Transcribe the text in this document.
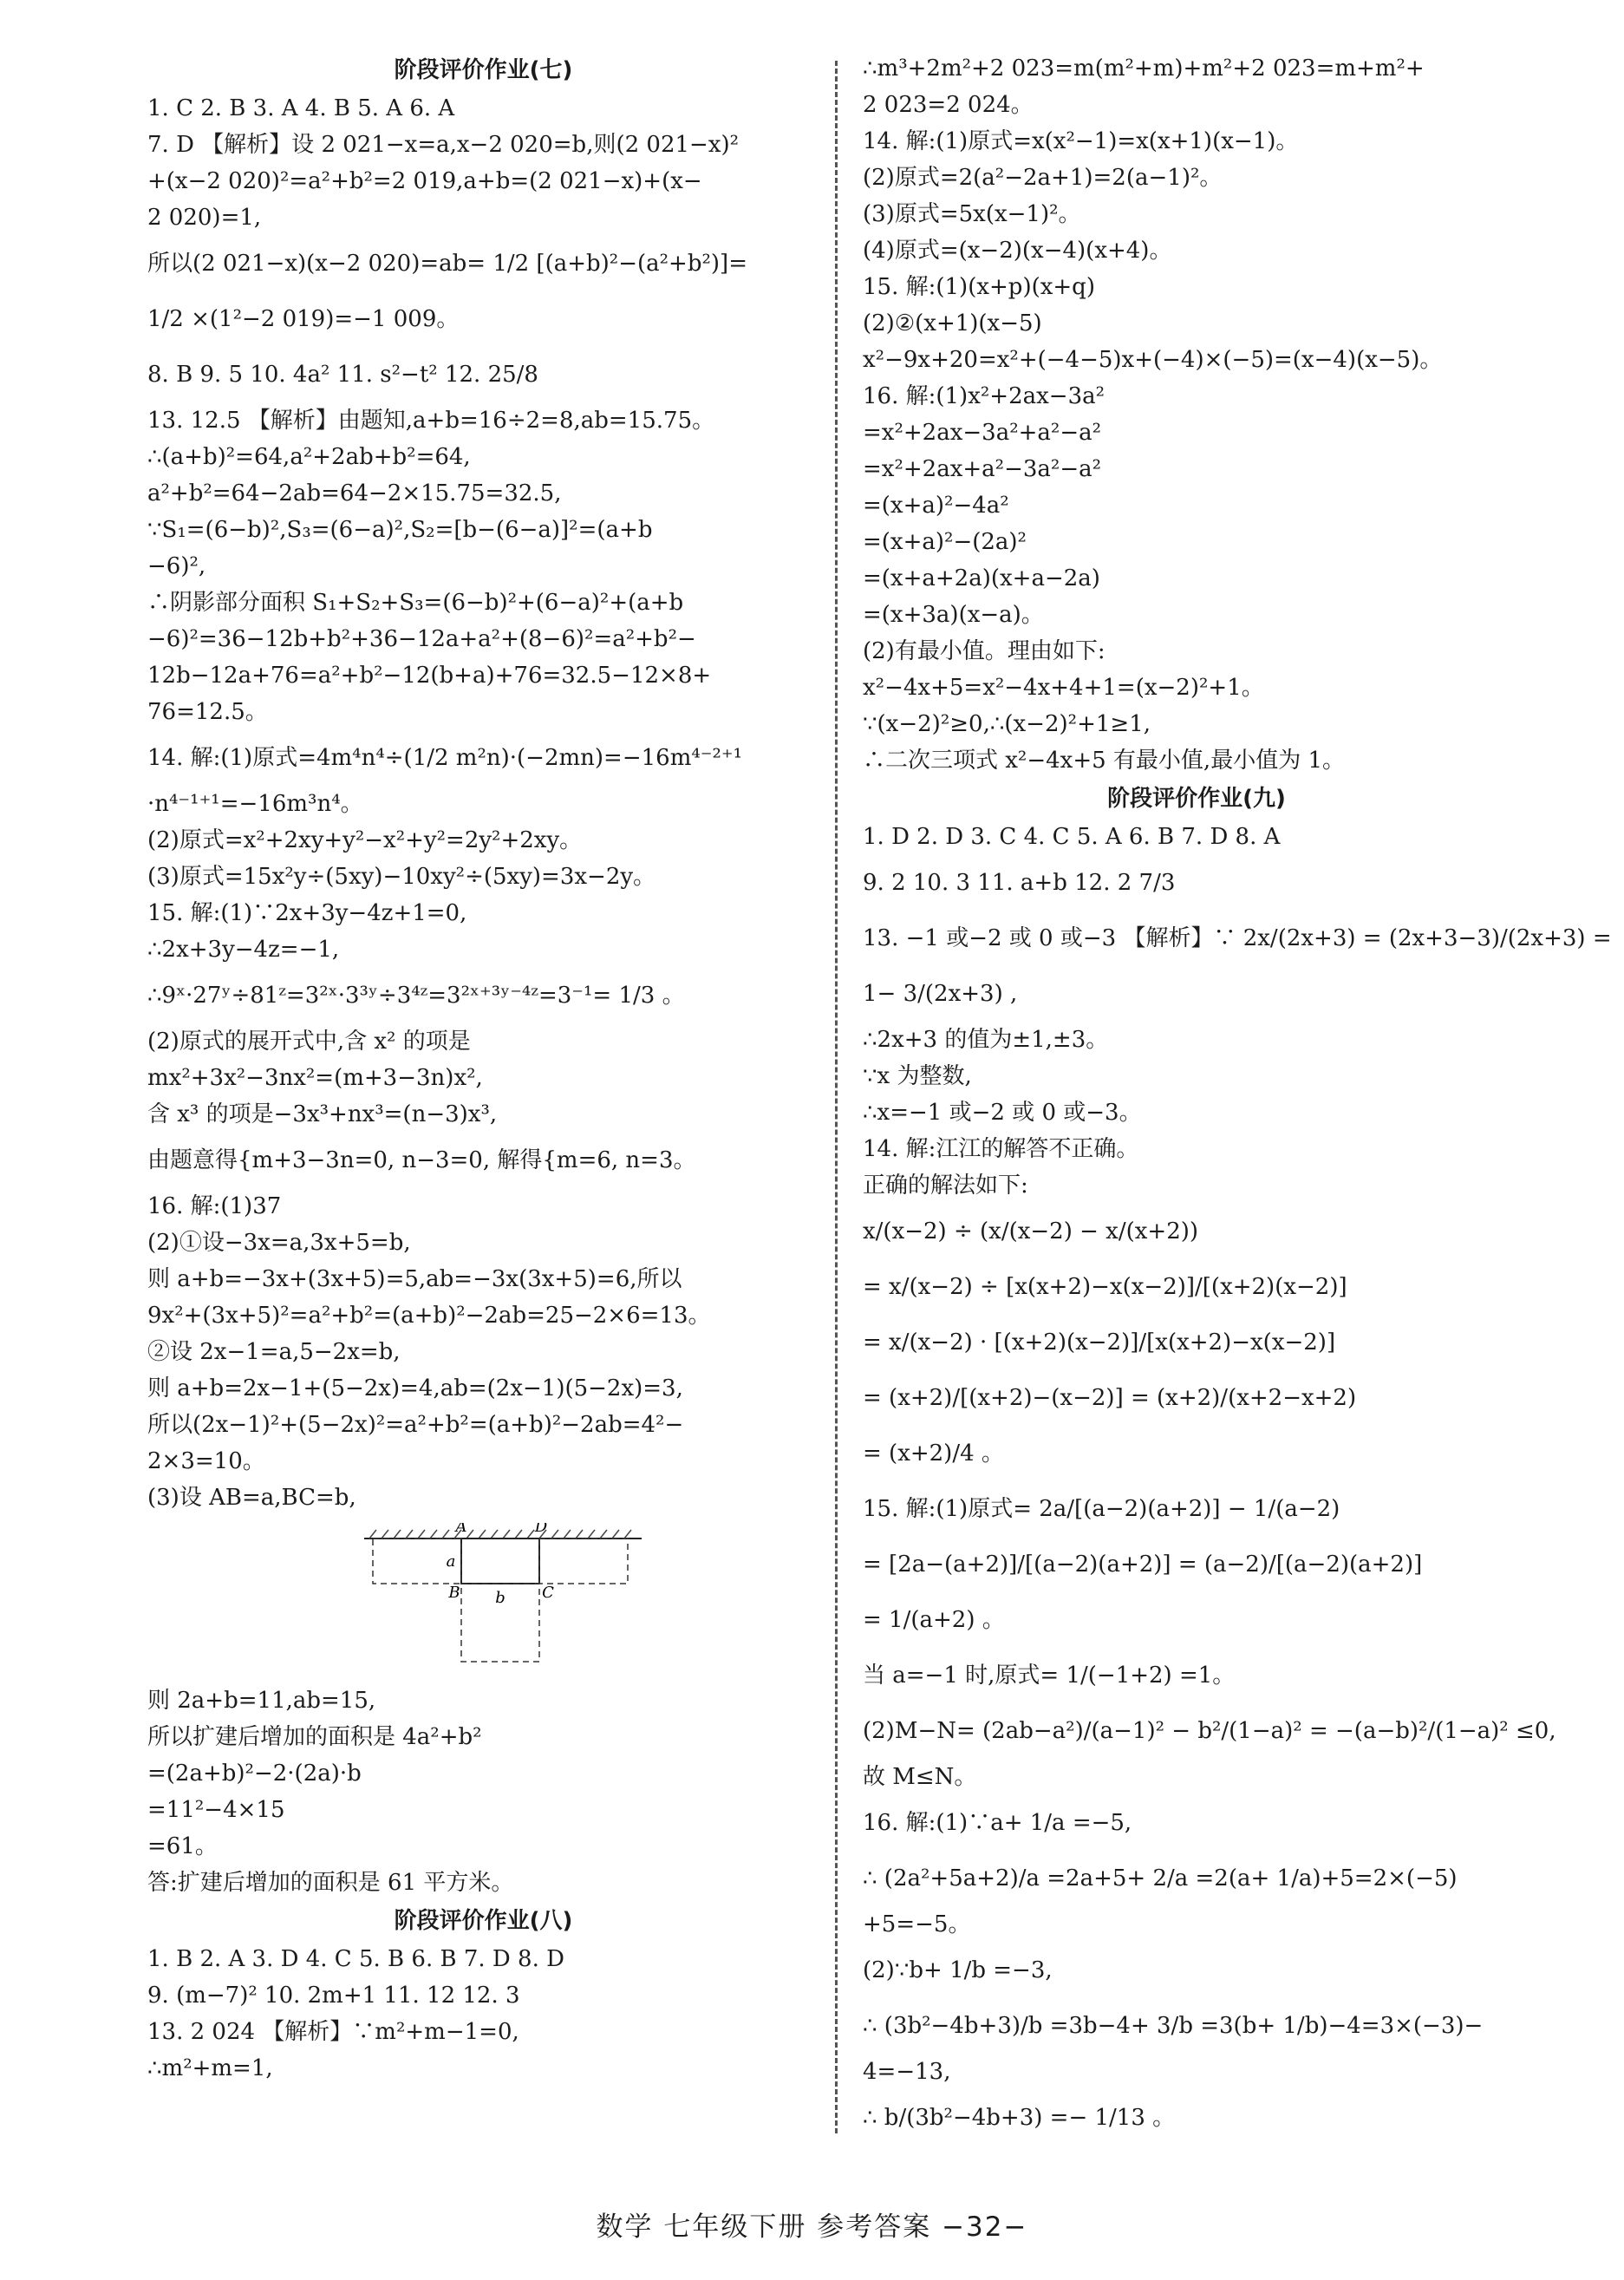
阶段评价作业(七)
1. C 2. B 3. A 4. B 5. A 6. A
7. D 【解析】设 2 021−x=a,x−2 020=b,则(2 021−x)²
+(x−2 020)²=a²+b²=2 019,a+b=(2 021−x)+(x−
2 020)=1,
所以(2 021−x)(x−2 020)=ab= 1/2 [(a+b)²−(a²+b²)]=
1/2 ×(1²−2 019)=−1 009。
8. B 9. 5 10. 4a² 11. s²−t² 12. 25/8
13. 12.5 【解析】由题知,a+b=16÷2=8,ab=15.75。
∴(a+b)²=64,a²+2ab+b²=64,
a²+b²=64−2ab=64−2×15.75=32.5,
∵S₁=(6−b)²,S₃=(6−a)²,S₂=[b−(6−a)]²=(a+b
−6)²,
∴阴影部分面积 S₁+S₂+S₃=(6−b)²+(6−a)²+(a+b
−6)²=36−12b+b²+36−12a+a²+(8−6)²=a²+b²−
12b−12a+76=a²+b²−12(b+a)+76=32.5−12×8+
76=12.5。
14. 解:(1)原式=4m⁴n⁴÷(1/2 m²n)·(−2mn)=−16m⁴⁻²⁺¹
·n⁴⁻¹⁺¹=−16m³n⁴。
(2)原式=x²+2xy+y²−x²+y²=2y²+2xy。
(3)原式=15x²y÷(5xy)−10xy²÷(5xy)=3x−2y。
15. 解:(1)∵2x+3y−4z+1=0,
∴2x+3y−4z=−1,
∴9ˣ·27ʸ÷81ᶻ=3²ˣ·3³ʸ÷3⁴ᶻ=3²ˣ⁺³ʸ⁻⁴ᶻ=3⁻¹= 1/3 。
(2)原式的展开式中,含 x² 的项是
mx²+3x²−3nx²=(m+3−3n)x²,
含 x³ 的项是−3x³+nx³=(n−3)x³,
由题意得{m+3−3n=0, n−3=0, 解得{m=6, n=3。
16. 解:(1)37
(2)①设−3x=a,3x+5=b,
则 a+b=−3x+(3x+5)=5,ab=−3x(3x+5)=6,所以
9x²+(3x+5)²=a²+b²=(a+b)²−2ab=25−2×6=13。
②设 2x−1=a,5−2x=b,
则 a+b=2x−1+(5−2x)=4,ab=(2x−1)(5−2x)=3,
所以(2x−1)²+(5−2x)²=a²+b²=(a+b)²−2ab=4²−
2×3=10。
(3)设 AB=a,BC=b,
A	D
B	C
a
b
则 2a+b=11,ab=15,
所以扩建后增加的面积是 4a²+b²
=(2a+b)²−2·(2a)·b
=11²−4×15
=61。
答:扩建后增加的面积是 61 平方米。
阶段评价作业(八)
1. B 2. A 3. D 4. C 5. B 6. B 7. D 8. D
9. (m−7)² 10. 2m+1 11. 12 12. 3
13. 2 024 【解析】∵m²+m−1=0,
∴m²+m=1,
∴m³+2m²+2 023=m(m²+m)+m²+2 023=m+m²+
2 023=2 024。
14. 解:(1)原式=x(x²−1)=x(x+1)(x−1)。
(2)原式=2(a²−2a+1)=2(a−1)²。
(3)原式=5x(x−1)²。
(4)原式=(x−2)(x−4)(x+4)。
15. 解:(1)(x+p)(x+q)
(2)②(x+1)(x−5)
x²−9x+20=x²+(−4−5)x+(−4)×(−5)=(x−4)(x−5)。
16. 解:(1)x²+2ax−3a²
=x²+2ax−3a²+a²−a²
=x²+2ax+a²−3a²−a²
=(x+a)²−4a²
=(x+a)²−(2a)²
=(x+a+2a)(x+a−2a)
=(x+3a)(x−a)。
(2)有最小值。理由如下:
x²−4x+5=x²−4x+4+1=(x−2)²+1。
∵(x−2)²≥0,∴(x−2)²+1≥1,
∴二次三项式 x²−4x+5 有最小值,最小值为 1。
阶段评价作业(九)
1. D 2. D 3. C 4. C 5. A 6. B 7. D 8. A
9. 2 10. 3 11. a+b 12. 2 7/3
13. −1 或−2 或 0 或−3 【解析】∵ 2x/(2x+3) = (2x+3−3)/(2x+3) =
1− 3/(2x+3) ,
∴2x+3 的值为±1,±3。
∵x 为整数,
∴x=−1 或−2 或 0 或−3。
14. 解:江江的解答不正确。
正确的解法如下:
x/(x−2) ÷ (x/(x−2) − x/(x+2))
= x/(x−2) ÷ [x(x+2)−x(x−2)]/[(x+2)(x−2)]
= x/(x−2) · [(x+2)(x−2)]/[x(x+2)−x(x−2)]
= (x+2)/[(x+2)−(x−2)] = (x+2)/(x+2−x+2)
= (x+2)/4 。
15. 解:(1)原式= 2a/[(a−2)(a+2)] − 1/(a−2)
= [2a−(a+2)]/[(a−2)(a+2)] = (a−2)/[(a−2)(a+2)]
= 1/(a+2) 。
当 a=−1 时,原式= 1/(−1+2) =1。
(2)M−N= (2ab−a²)/(a−1)² − b²/(1−a)² = −(a−b)²/(1−a)² ≤0,
故 M≤N。
16. 解:(1)∵a+ 1/a =−5,
∴ (2a²+5a+2)/a =2a+5+ 2/a =2(a+ 1/a)+5=2×(−5)
+5=−5。
(2)∵b+ 1/b =−3,
∴ (3b²−4b+3)/b =3b−4+ 3/b =3(b+ 1/b)−4=3×(−3)−
4=−13,
∴ b/(3b²−4b+3) =− 1/13 。
数学 七年级下册 参考答案 −32−
